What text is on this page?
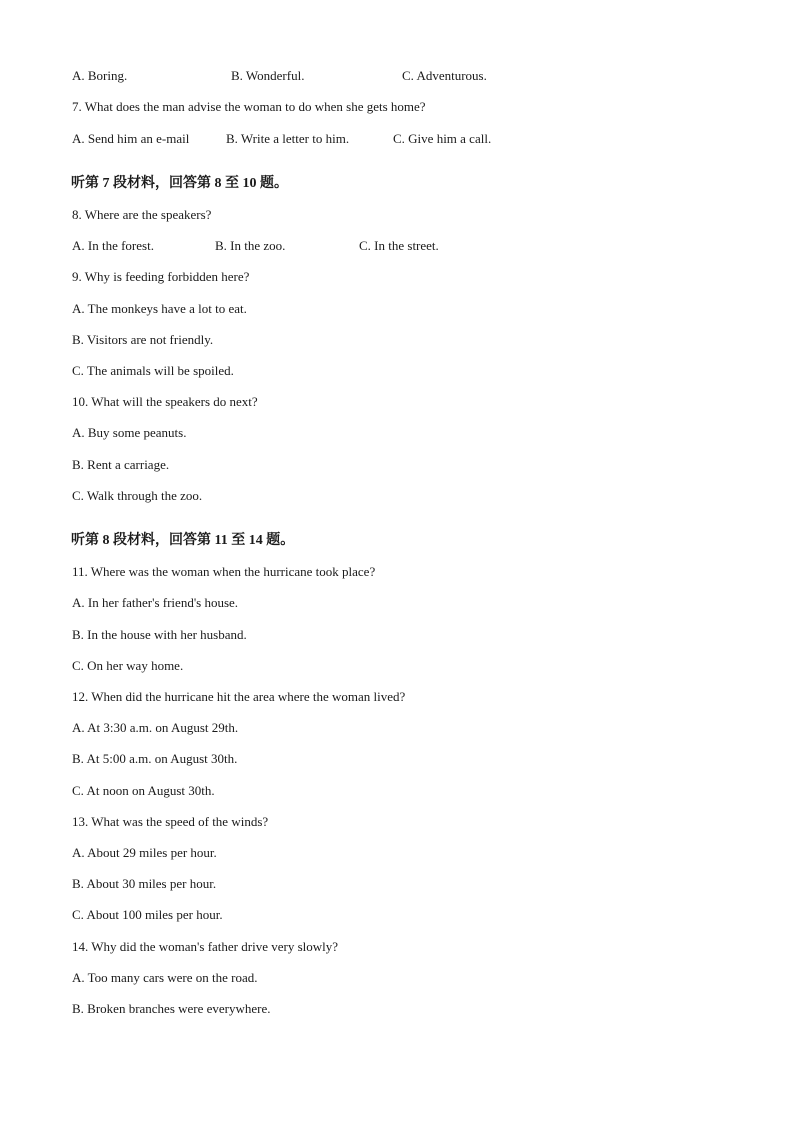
A. Boring.	B. Wonderful.	C. Adventurous.
7. What does the man advise the woman to do when she gets home?
A. Send him an e-mail	B. Write a letter to him.	C. Give him a call.
听第 7 段材料，回答第 8 至 10 题。
8. Where are the speakers?
A. In the forest.	B. In the zoo.	C. In the street.
9. Why is feeding forbidden here?
A. The monkeys have a lot to eat.
B. Visitors are not friendly.
C. The animals will be spoiled.
10. What will the speakers do next?
A. Buy some peanuts.
B. Rent a carriage.
C. Walk through the zoo.
听第 8 段材料，回答第 11 至 14 题。
11. Where was the woman when the hurricane took place?
A. In her father's friend's house.
B. In the house with her husband.
C. On her way home.
12. When did the hurricane hit the area where the woman lived?
A. At 3:30 a.m. on August 29th.
B. At 5:00 a.m. on August 30th.
C. At noon on August 30th.
13. What was the speed of the winds?
A. About 29 miles per hour.
B. About 30 miles per hour.
C. About 100 miles per hour.
14. Why did the woman's father drive very slowly?
A. Too many cars were on the road.
B. Broken branches were everywhere.
